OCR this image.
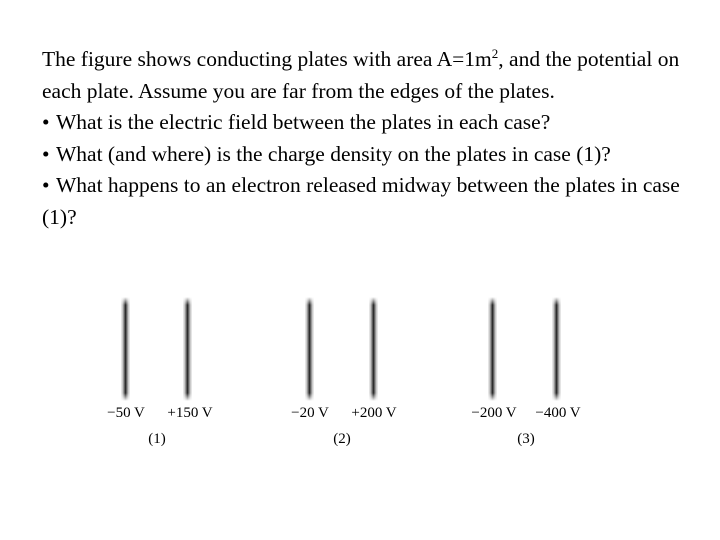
The figure shows conducting plates with area $A=1m^2$, and the potential on each plate. Assume you are far from the edges of the plates.

• What is the electric field between the plates in each case?

• What (and where) is the charge density on the plates in case (1)?

• What happens to an electron released midway between the plates in case (1)?

−50 V +150 V
(1)
−20 V +200 V
(2)
−200 V −400 V
(3)
